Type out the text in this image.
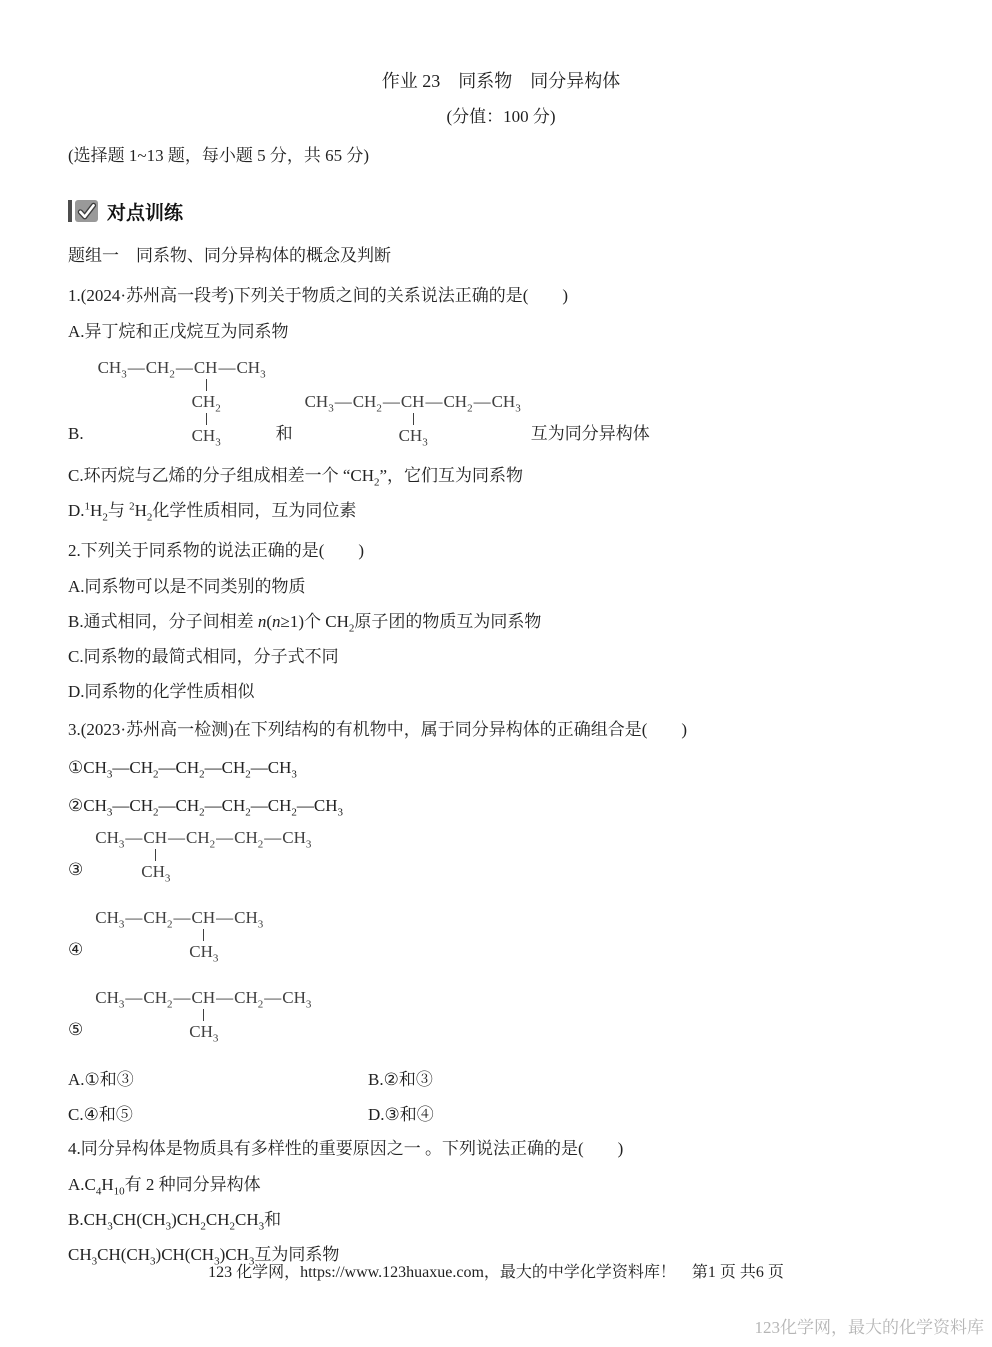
作业 23　同系物　同分异构体
(分值：100 分)
(选择题 1~13 题，每小题 5 分，共 65 分)
对点训练
题组一　同系物、同分异构体的概念及判断
1.(2024·苏州高一段考)下列关于物质之间的关系说法正确的是(　　)
A.异丁烷和正戊烷互为同系物
B.
$CH_3—CH_2—CH—CH_3$
$CH_2$
$CH_3$	和
$CH_3—CH_2—CH—CH_2—CH_3$
$CH_3$	互为同分异构体
C.环丙烷与乙烯的分子组成相差一个 “$CH_2$”，它们互为同系物
$D.^1H_2$与 $^2H_2$化学性质相同，互为同位素
2.下列关于同系物的说法正确的是(　　)
A.同系物可以是不同类别的物质
B.通式相同，分子间相差 n(n≥1)个 $CH_2$原子团的物质互为同系物
C.同系物的最简式相同，分子式不同
D.同系物的化学性质相似
3.(2023·苏州高一检测)在下列结构的有机物中，属于同分异构体的正确组合是(　　)
$①CH_3—CH_2—CH_2—CH_2—CH_3$
$②CH_3—CH_2—CH_2—CH_2—CH_2—CH_3$
③
$CH_3—CH—CH_2—CH_2—CH_3$
$CH_3$
④
$CH_3—CH_2—CH—CH_3$
$CH_3$
⑤
$CH_3—CH_2—CH—CH_2—CH_3$
$CH_3$
A.①和③	B.②和③
C.④和⑤	D.③和④
4.同分异构体是物质具有多样性的重要原因之一 。下列说法正确的是(　　)
$A.C_4H_{10}$有 2 种同分异构体
$B.CH_3CH(CH_3)CH_2CH_2CH_3$和
$CH_3CH(CH_3)CH(CH_3)CH_3$互为同系物
123 化学网，https://www.123huaxue.com，最大的中学化学资料库！　第1 页 共6 页
123化学网，最大的化学资料库
